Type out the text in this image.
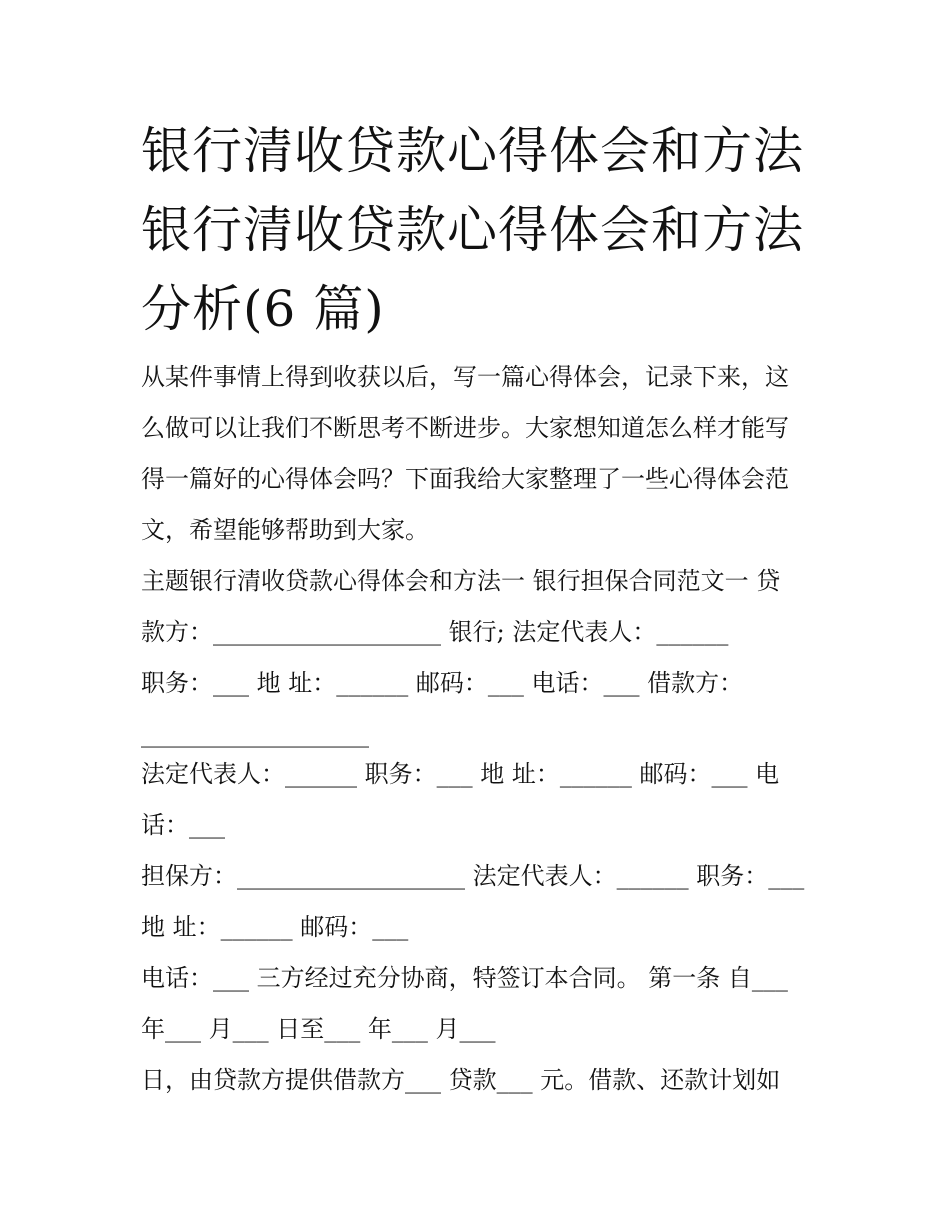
银行清收贷款心得体会和方法
银行清收贷款心得体会和方法
分析(6 篇)
从某件事情上得到收获以后，写一篇心得体会，记录下来，这
么做可以让我们不断思考不断进步。大家想知道怎么样才能写
得一篇好的心得体会吗？下面我给大家整理了一些心得体会范
文，希望能够帮助到大家。
主题银行清收贷款心得体会和方法一 银行担保合同范文一 贷
款方：___________________ 银行; 法定代表人：______
职务：___ 地 址：______ 邮码：___ 电话：___ 借款方：
___________________
法定代表人：______ 职务：___ 地 址：______ 邮码：___ 电
话：___
担保方：___________________ 法定代表人：______ 职务：___
地 址：______ 邮码：___
电话：___ 三方经过充分协商，特签订本合同。 第一条 自___
年___ 月___ 日至___ 年___ 月___
日，由贷款方提供借款方___ 贷款___ 元。借款、还款计划如
